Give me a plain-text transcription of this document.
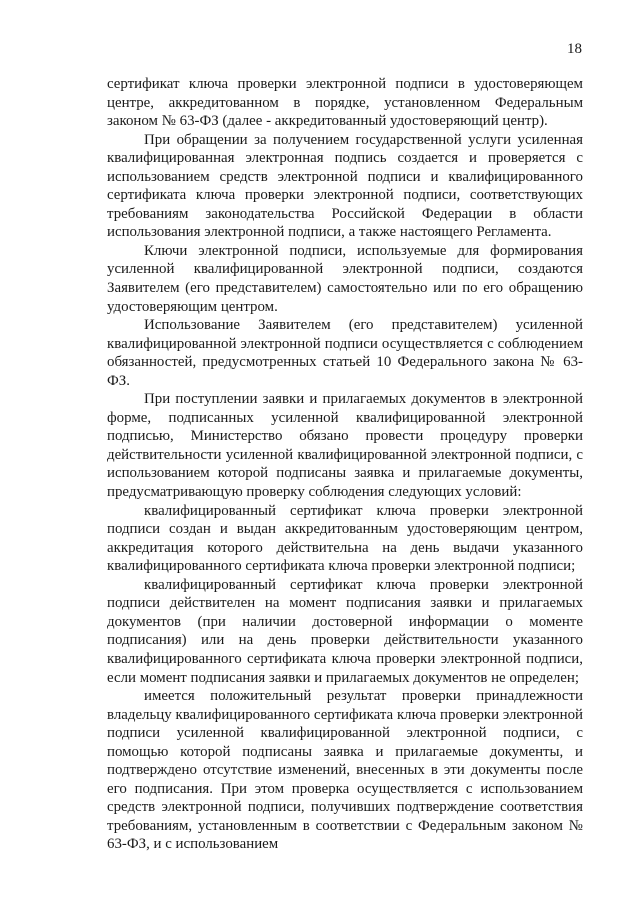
18

сертификат ключа проверки электронной подписи в удостоверяющем центре, аккредитованном в порядке, установленном Федеральным законом № 63-ФЗ (далее - аккредитованный удостоверяющий центр).

При обращении за получением государственной услуги усиленная квалифицированная электронная подпись создается и проверяется с использованием средств электронной подписи и квалифицированного сертификата ключа проверки электронной подписи, соответствующих требованиям законодательства Российской Федерации в области использования электронной подписи, а также настоящего Регламента.

Ключи электронной подписи, используемые для формирования усиленной квалифицированной электронной подписи, создаются Заявителем (его представителем) самостоятельно или по его обращению удостоверяющим центром.

Использование Заявителем (его представителем) усиленной квалифицированной электронной подписи осуществляется с соблюдением обязанностей, предусмотренных статьей 10 Федерального закона № 63-ФЗ.

При поступлении заявки и прилагаемых документов в электронной форме, подписанных усиленной квалифицированной электронной подписью, Министерство обязано провести процедуру проверки действительности усиленной квалифицированной электронной подписи, с использованием которой подписаны заявка и прилагаемые документы, предусматривающую проверку соблюдения следующих условий:

квалифицированный сертификат ключа проверки электронной подписи создан и выдан аккредитованным удостоверяющим центром, аккредитация которого действительна на день выдачи указанного квалифицированного сертификата ключа проверки электронной подписи;

квалифицированный сертификат ключа проверки электронной подписи действителен на момент подписания заявки и прилагаемых документов (при наличии достоверной информации о моменте подписания) или на день проверки действительности указанного квалифицированного сертификата ключа проверки электронной подписи, если момент подписания заявки и прилагаемых документов не определен;

имеется положительный результат проверки принадлежности владельцу квалифицированного сертификата ключа проверки электронной подписи усиленной квалифицированной электронной подписи, с помощью которой подписаны заявка и прилагаемые документы, и подтверждено отсутствие изменений, внесенных в эти документы после его подписания. При этом проверка осуществляется с использованием средств электронной подписи, получивших подтверждение соответствия требованиям, установленным в соответствии с Федеральным законом № 63-ФЗ, и с использованием
